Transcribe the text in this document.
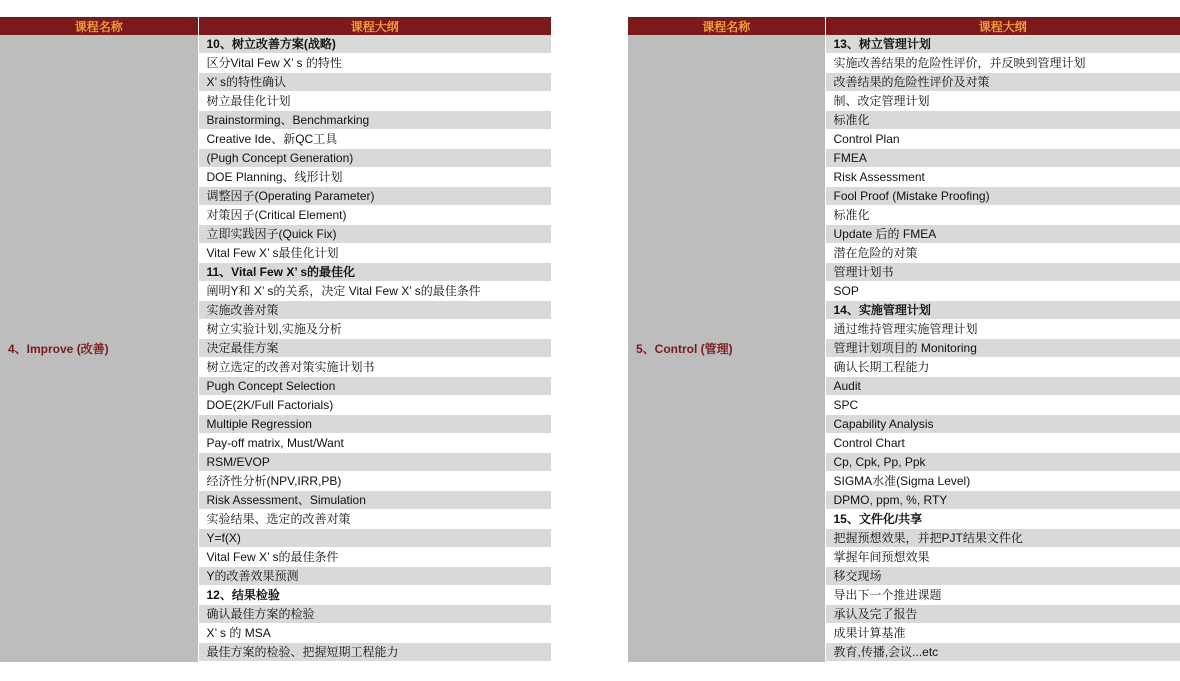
课程名称	课程大纲
4、Improve (改善)	10、树立改善方案(战略)
	区分Vital Few X’ s 的特性
	X’ s的特性确认
	树立最佳化计划
	Brainstorming、Benchmarking
	Creative Ide、新QC工具
	(Pugh Concept Generation)
	DOE Planning、线形计划
	调整因子(Operating Parameter)
	对策因子(Critical Element)
	立即实践因子(Quick Fix)
	Vital Few X’ s最佳化计划
	11、Vital Few X’ s的最佳化
	阐明Y和 X’ s的关系，决定 Vital Few X’ s的最佳条件
	实施改善对策
	树立实验计划,实施及分析
	决定最佳方案
	树立选定的改善对策实施计划书
	Pugh Concept Selection
	DOE(2K/Full Factorials)
	Multiple Regression
	Pay-off matrix, Must/Want
	RSM/EVOP
	经济性分析(NPV,IRR,PB)
	Risk Assessment、Simulation
	实验结果、选定的改善对策
	Y=f(X)
	Vital Few X’ s的最佳条件
	Y的改善效果预测
	12、结果检验
	确认最佳方案的检验
	X’ s 的 MSA
	最佳方案的检验、把握短期工程能力
课程名称	课程大纲
5、Control (管理)	13、树立管理计划
	实施改善结果的危险性评价，并反映到管理计划
	改善结果的危险性评价及对策
	制、改定管理计划
	标准化
	Control Plan
	FMEA
	Risk Assessment
	Fool Proof (Mistake Proofing)
	标准化
	Update 后的 FMEA
	潜在危险的对策
	管理计划书
	SOP
	14、实施管理计划
	通过维持管理实施管理计划
	管理计划项目的 Monitoring
	确认长期工程能力
	Audit
	SPC
	Capability Analysis
	Control Chart
	Cp, Cpk, Pp, Ppk
	SIGMA水准(Sigma Level)
	DPMO, ppm, %, RTY
	15、文件化/共享
	把握预想效果，并把PJT结果文件化
	掌握年间预想效果
	移交现场
	导出下一个推进课题
	承认及完了报告
	成果计算基准
	教育,传播,会议...etc
